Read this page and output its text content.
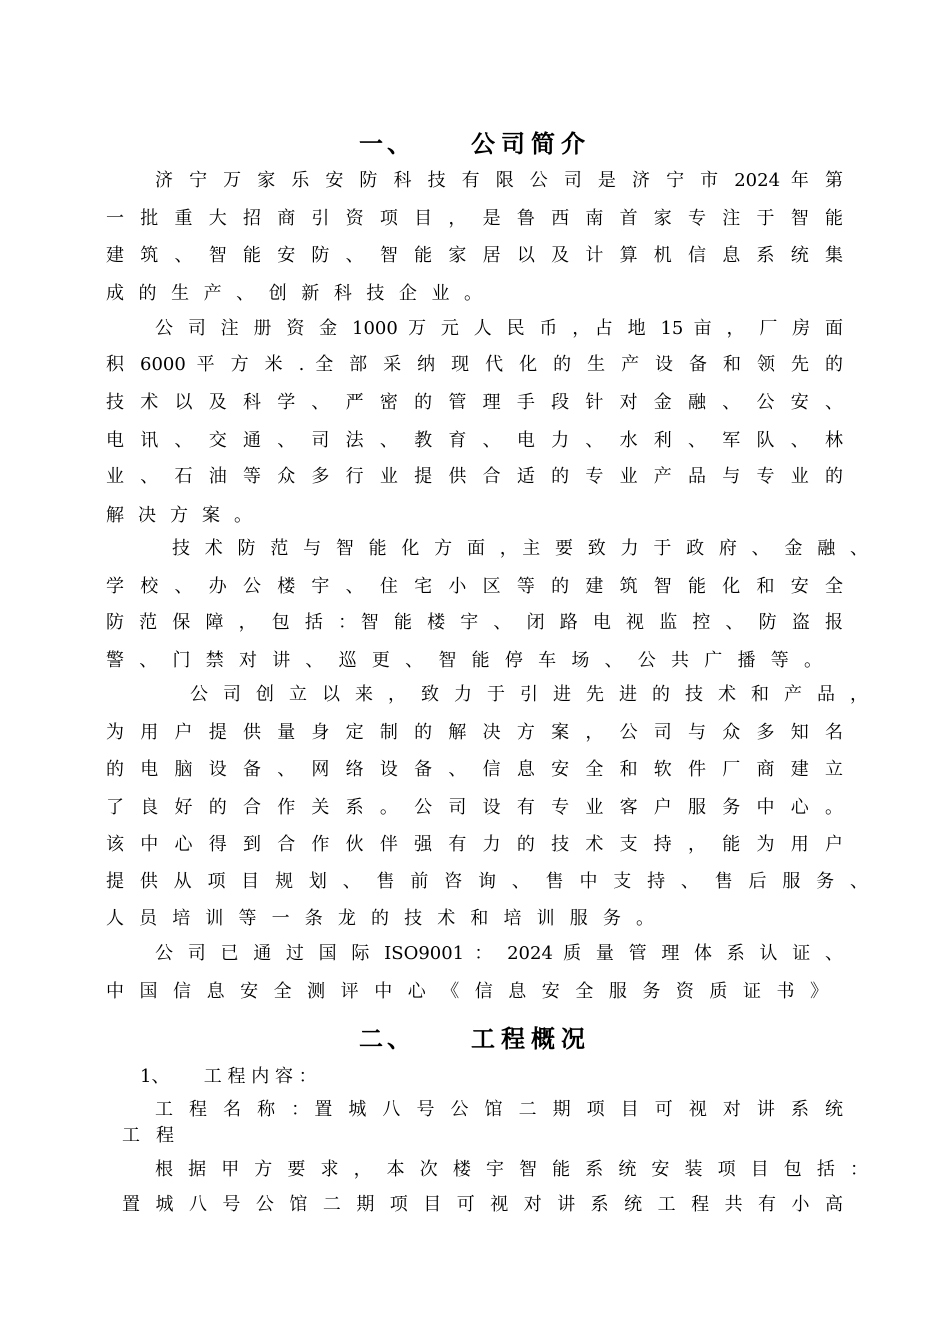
一、 公司简介
济 宁 万 家 乐 安 防 科 技 有 限 公 司 是 济 宁 市 2024 年 第
一 批 重 大 招 商 引 资 项 目 ， 是 鲁 西 南 首 家 专 注 于 智 能
建 筑 、 智 能 安 防 、 智 能 家 居 以 及 计 算 机 信 息 系 统 集
成 的 生 产 、 创 新 科 技 企 业 。
公 司 注 册 资 金 1000 万 元 人 民 币 ，占 地 15 亩 ， 厂 房 面
积 6000 平 方 米 . 全 部 采 纳 现 代 化 的 生 产 设 备 和 领 先 的
技 术 以 及 科 学 、 严 密 的 管 理 手 段 针 对 金 融 、 公 安 、
电 讯 、 交 通 、 司 法 、 教 育 、 电 力 、 水 利 、 军 队 、 林
业 、 石 油 等 众 多 行 业 提 供 合 适 的 专 业 产 品 与 专 业 的
解 决 方 案 。
技 术 防 范 与 智 能 化 方 面 ，主 要 致 力 于 政 府 、 金 融 、
学 校 、 办 公 楼 宇 、 住 宅 小 区 等 的 建 筑 智 能 化 和 安 全
防 范 保 障 ， 包 括 ：智 能 楼 宇 、 闭 路 电 视 监 控 、 防 盗 报
警 、 门 禁 对 讲 、 巡 更 、 智 能 停 车 场 、 公 共 广 播 等 。
公 司 创 立 以 来 ， 致 力 于 引 进 先 进 的 技 术 和 产 品 ，
为 用 户 提 供 量 身 定 制 的 解 决 方 案 ， 公 司 与 众 多 知 名
的 电 脑 设 备 、 网 络 设 备 、 信 息 安 全 和 软 件 厂 商 建 立
了 良 好 的 合 作 关 系 。 公 司 设 有 专 业 客 户 服 务 中 心 。
该 中 心 得 到 合 作 伙 伴 强 有 力 的 技 术 支 持 ， 能 为 用 户
提 供 从 项 目 规 划 、 售 前 咨 询 、 售 中 支 持 、 售 后 服 务 、
人 员 培 训 等 一 条 龙 的 技 术 和 培 训 服 务 。
公 司 已 通 过 国 际 ISO9001 ： 2024 质 量 管 理 体 系 认 证 、
中 国 信 息 安 全 测 评 中 心 《 信 息 安 全 服 务 资 质 证 书 》
二、 工程概况
1、      工 程 内 容 ：
工 程 名 称 ：置 城 八 号 公 馆 二 期 项 目 可 视 对 讲 系 统
工 程
根 据 甲 方 要 求 ， 本 次 楼 宇 智 能 系 统 安 装 项 目 包 括 ：
置 城 八 号 公 馆 二 期 项 目 可 视 对 讲 系 统 工 程 共 有 小 高
